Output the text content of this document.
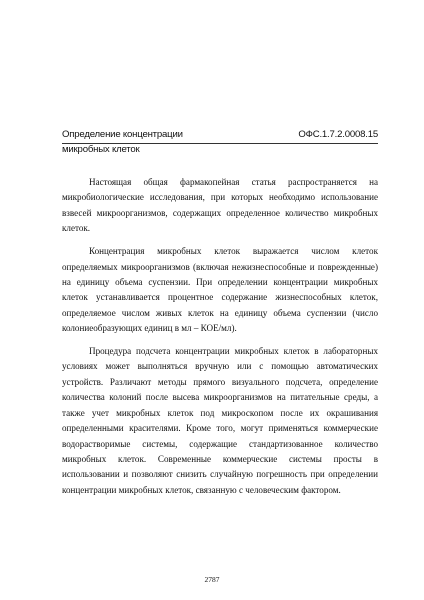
Определение концентрации	ОФС.1.7.2.0008.15
микробных клеток

Настоящая общая фармакопейная статья распространяется на микробиологические исследования, при которых необходимо использование взвесей микроорганизмов, содержащих определенное количество микробных клеток.

Концентрация микробных клеток выражается числом клеток определяемых микроорганизмов (включая нежизнеспособные и поврежденные) на единицу объема суспензии. При определении концентрации микробных клеток устанавливается процентное содержание жизнеспособных клеток, определяемое числом живых клеток на единицу объема суспензии (число колониеобразующих единиц в мл – КОЕ/мл).

Процедура подсчета концентрации микробных клеток в лабораторных условиях может выполняться вручную или с помощью автоматических устройств. Различают методы прямого визуального подсчета, определение количества колоний после высева микроорганизмов на питательные среды, а также учет микробных клеток под микроскопом после их окрашивания определенными красителями. Кроме того, могут применяться коммерческие водорастворимые системы, содержащие стандартизованное количество микробных клеток. Современные коммерческие системы просты в использовании и позволяют снизить случайную погрешность при определении концентрации микробных клеток, связанную с человеческим фактором.

2787
